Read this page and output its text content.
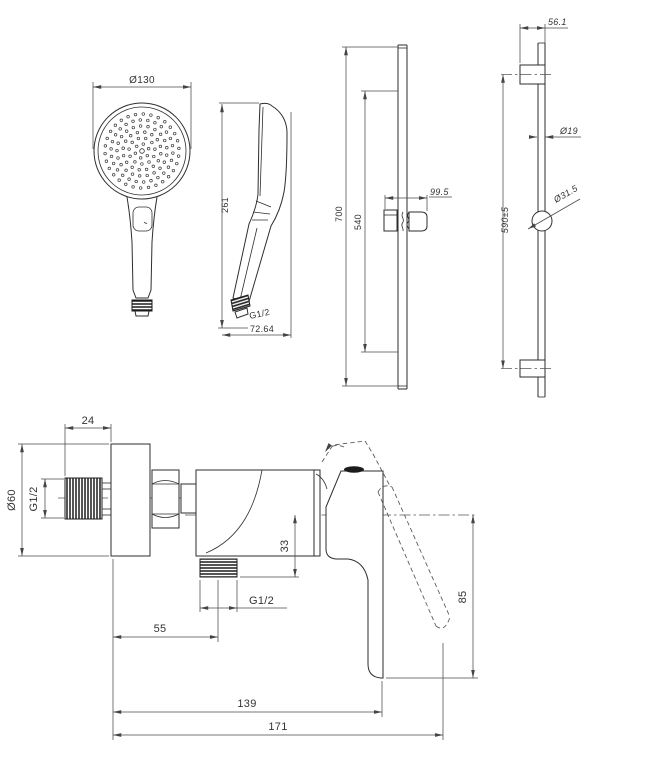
Ø130
261
G1/2
72.64
700
540
99.5
56.1
Ø19
Ø31.5
590±5
24
Ø60 G1/2
33
G1/2
55
85
139
171
